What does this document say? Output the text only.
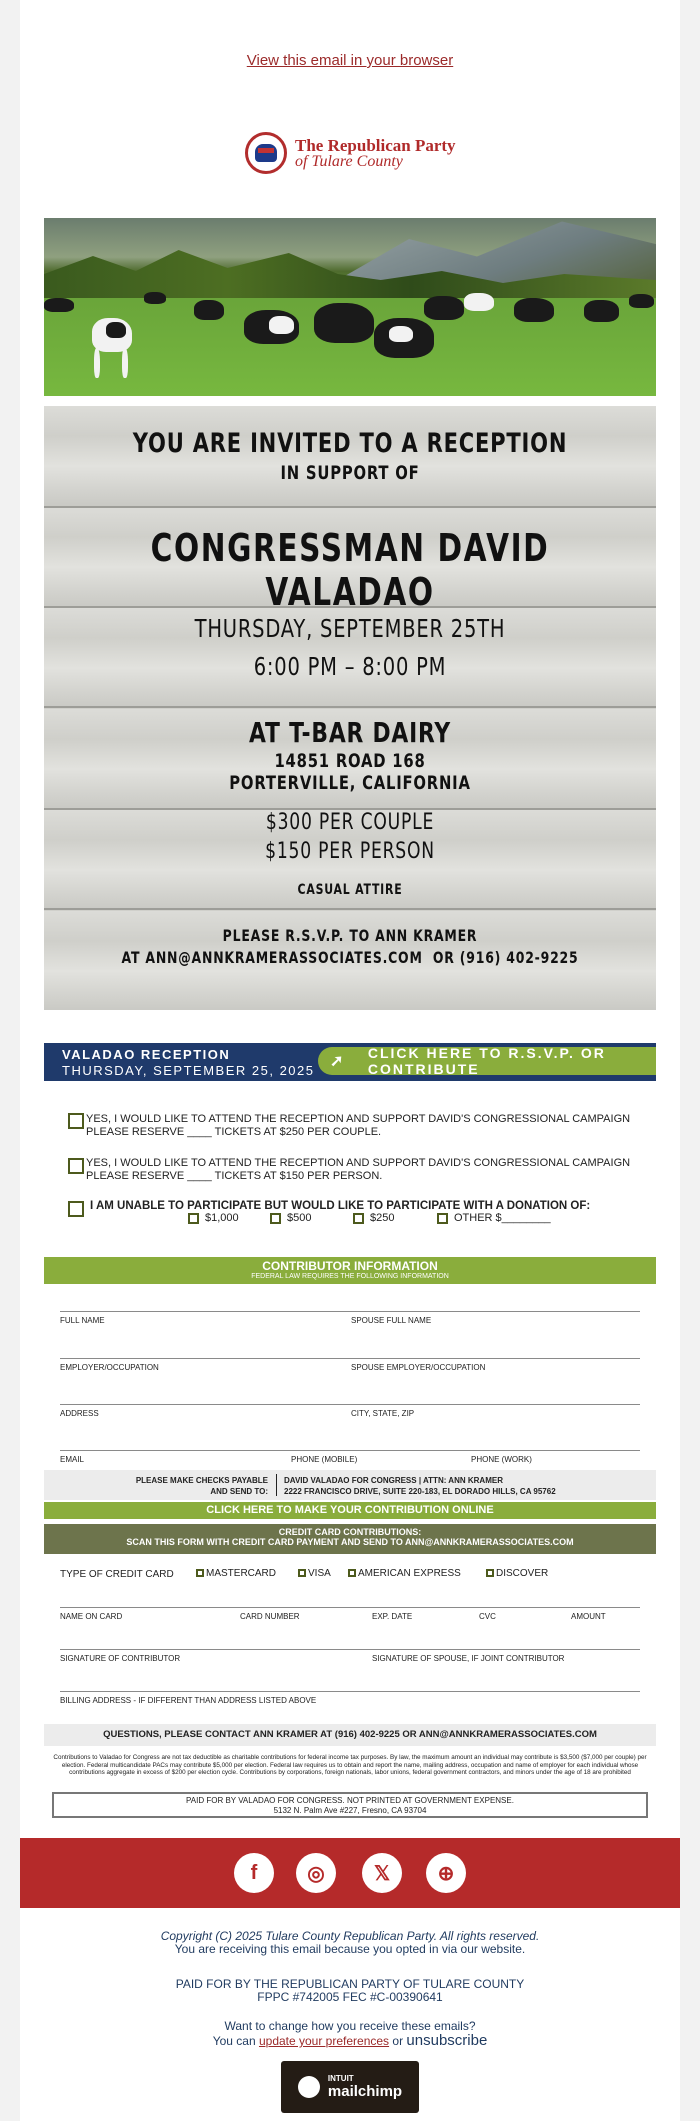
View this email in your browser
The Republican Party
of Tulare County
YOU ARE INVITED TO A RECEPTION
IN SUPPORT OF
CONGRESSMAN DAVID VALADAO
THURSDAY, SEPTEMBER 25TH
6:00 PM – 8:00 PM
AT T-BAR DAIRY
14851 ROAD 168
PORTERVILLE, CALIFORNIA
$300 PER COUPLE
$150 PER PERSON
CASUAL ATTIRE
PLEASE R.S.V.P. TO ANN KRAMER
AT ANN@ANNKRAMERASSOCIATES.COM  OR (916) 402-9225
VALADAO RECEPTION
THURSDAY, SEPTEMBER 25, 2025
➚ CLICK HERE TO R.S.V.P. OR CONTRIBUTE
YES, I WOULD LIKE TO ATTEND THE RECEPTION AND SUPPORT DAVID'S CONGRESSIONAL CAMPAIGN PLEASE RESERVE ____ TICKETS AT $250 PER COUPLE.
YES, I WOULD LIKE TO ATTEND THE RECEPTION AND SUPPORT DAVID'S CONGRESSIONAL CAMPAIGN PLEASE RESERVE ____ TICKETS AT $150 PER PERSON.
I AM UNABLE TO PARTICIPATE BUT WOULD LIKE TO PARTICIPATE WITH A DONATION OF:
$1,000	$500	$250	OTHER $________
CONTRIBUTOR INFORMATION
FEDERAL LAW REQUIRES THE FOLLOWING INFORMATION
FULL NAME	SPOUSE FULL NAME
EMPLOYER/OCCUPATION	SPOUSE EMPLOYER/OCCUPATION
ADDRESS	CITY, STATE, ZIP
EMAIL	PHONE (MOBILE)	PHONE (WORK)
PLEASE MAKE CHECKS PAYABLE
AND SEND TO:
DAVID VALADAO FOR CONGRESS | ATTN: ANN KRAMER
2222 FRANCISCO DRIVE, SUITE 220-183, EL DORADO HILLS, CA 95762
CLICK HERE TO MAKE YOUR CONTRIBUTION ONLINE
CREDIT CARD CONTRIBUTIONS:
SCAN THIS FORM WITH CREDIT CARD PAYMENT AND SEND TO ANN@ANNKRAMERASSOCIATES.COM
TYPE OF CREDIT CARD	MASTERCARD	VISA	AMERICAN EXPRESS	DISCOVER
NAME ON CARD	CARD NUMBER	EXP. DATE	CVC	AMOUNT
SIGNATURE OF CONTRIBUTOR	SIGNATURE OF SPOUSE, IF JOINT CONTRIBUTOR
BILLING ADDRESS - IF DIFFERENT THAN ADDRESS LISTED ABOVE
QUESTIONS, PLEASE CONTACT ANN KRAMER AT (916) 402-9225 OR ANN@ANNKRAMERASSOCIATES.COM
Contributions to Valadao for Congress are not tax deductible as charitable contributions for federal income tax purposes. By law, the maximum amount an individual may contribute is $3,500 ($7,000 per couple) per election. Federal multicandidate PACs may contribute $5,000 per election. Federal law requires us to obtain and report the name, mailing address, occupation and name of employer for each individual whose contributions aggregate in excess of $200 per election cycle. Contributions by corporations, foreign nationals, labor unions, federal government contractors, and minors under the age of 18 are prohibited
PAID FOR BY VALADAO FOR CONGRESS. NOT PRINTED AT GOVERNMENT EXPENSE.
5132 N. Palm Ave #227, Fresno, CA 93704
f	◎	𝕏	⊕
Copyright (C) 2025 Tulare County Republican Party. All rights reserved.
You are receiving this email because you opted in via our website.
PAID FOR BY THE REPUBLICAN PARTY OF TULARE COUNTY
FPPC #742005 FEC #C-00390641
Want to change how you receive these emails?
You can update your preferences or unsubscribe
INTUIT
mailchimp
